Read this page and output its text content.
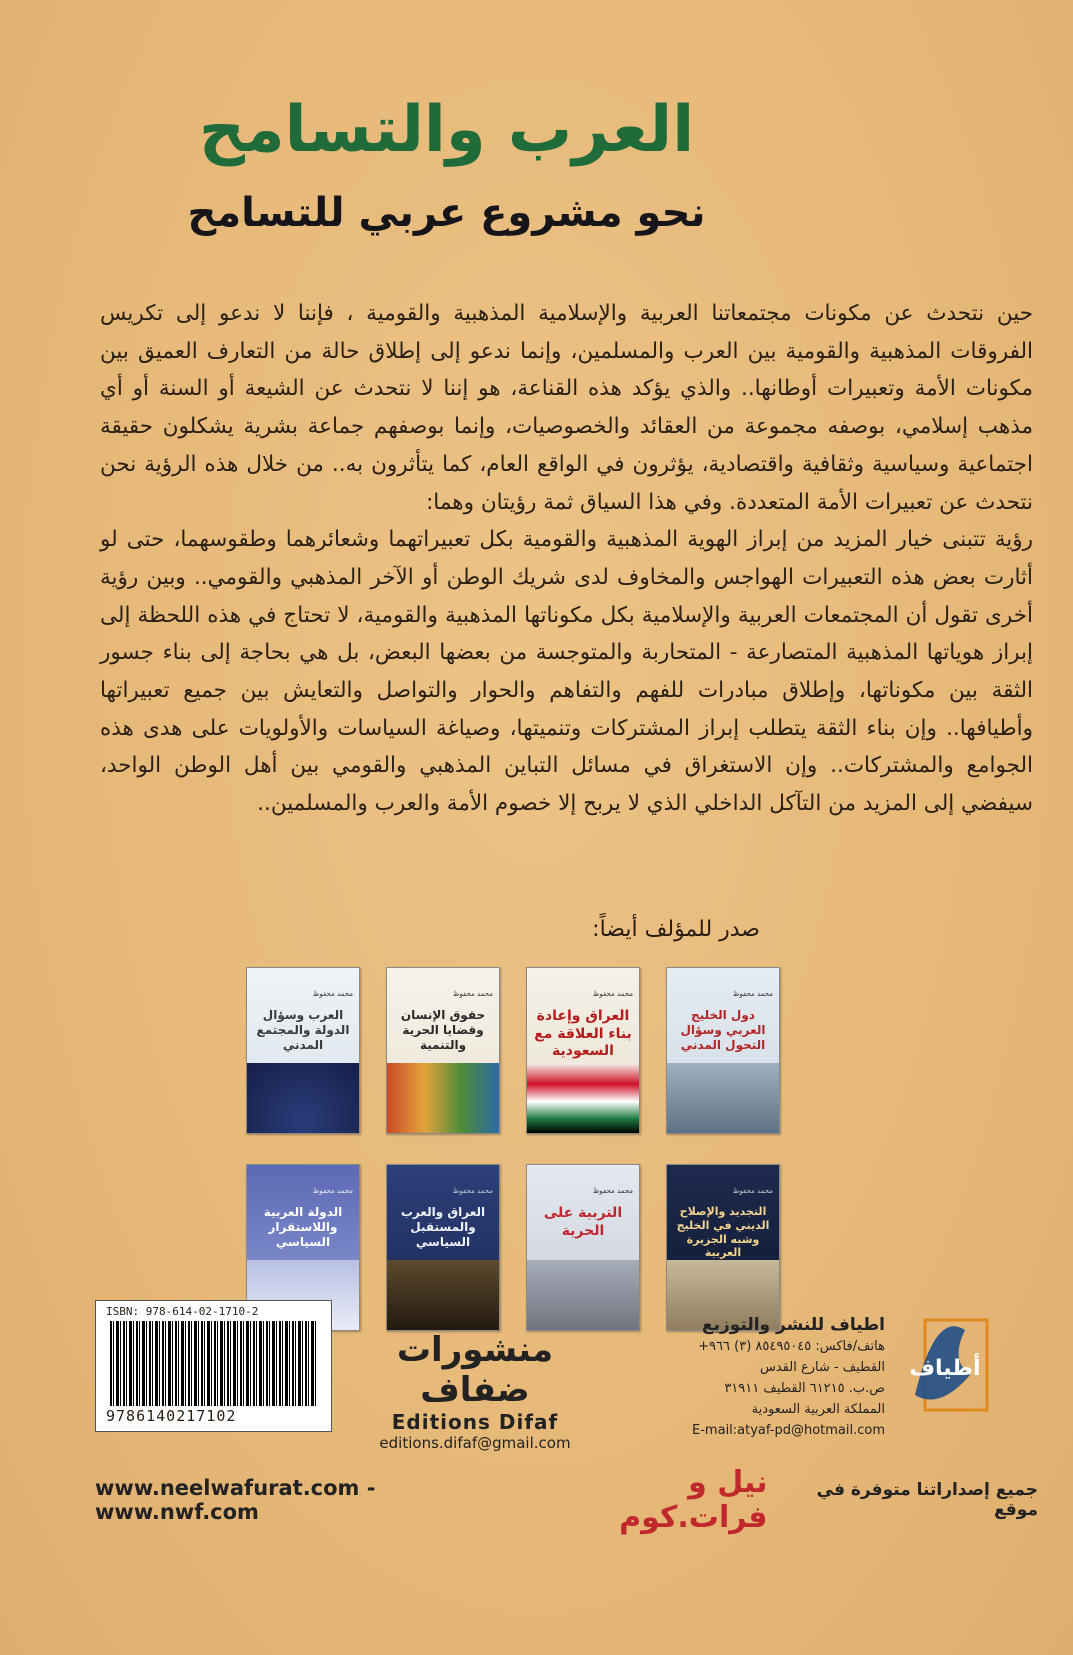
العرب والتسامح
نحو مشروع عربي للتسامح

حين نتحدث عن مكونات مجتمعاتنا العربية والإسلامية المذهبية والقومية ، فإننا لا ندعو إلى تكريس الفروقات المذهبية والقومية بين العرب والمسلمين، وإنما ندعو إلى إطلاق حالة من التعارف العميق بين مكونات الأمة وتعبيرات أوطانها.. والذي يؤكد هذه القناعة، هو إننا لا نتحدث عن الشيعة أو السنة أو أي مذهب إسلامي، بوصفه مجموعة من العقائد والخصوصيات، وإنما بوصفهم جماعة بشرية يشكلون حقيقة اجتماعية وسياسية وثقافية واقتصادية، يؤثرون في الواقع العام، كما يتأثرون به.. من خلال هذه الرؤية نحن نتحدث عن تعبيرات الأمة المتعددة. وفي هذا السياق ثمة رؤيتان وهما:

رؤية تتبنى خيار المزيد من إبراز الهوية المذهبية والقومية بكل تعبيراتهما وشعائرهما وطقوسهما، حتى لو أثارت بعض هذه التعبيرات الهواجس والمخاوف لدى شريك الوطن أو الآخر المذهبي والقومي.. وبين رؤية أخرى تقول أن المجتمعات العربية والإسلامية بكل مكوناتها المذهبية والقومية، لا تحتاج في هذه اللحظة إلى إبراز هوياتها المذهبية المتصارعة - المتحاربة والمتوجسة من بعضها البعض، بل هي بحاجة إلى بناء جسور الثقة بين مكوناتها، وإطلاق مبادرات للفهم والتفاهم والحوار والتواصل والتعايش بين جميع تعبيراتها وأطيافها.. وإن بناء الثقة يتطلب إبراز المشتركات وتنميتها، وصياغة السياسات والأولويات على هدى هذه الجوامع والمشتركات.. وإن الاستغراق في مسائل التباين المذهبي والقومي بين أهل الوطن الواحد، سيفضي إلى المزيد من التآكل الداخلي الذي لا يربح إلا خصوم الأمة والعرب والمسلمين..

صدر للمؤلف أيضاً:
محمد محفوظ
دول الخليج العربي وسؤال التحول المدني
محمد محفوظ
العراق وإعادة بناء العلاقة مع السعودية
محمد محفوظ
حقوق الإنسان وقضايا الحرية والتنمية
محمد محفوظ
العرب وسؤال الدولة والمجتمع المدني
محمد محفوظ
التجديد والإصلاح الديني في الخليج وشبه الجزيرة العربية
محمد محفوظ
التربية على الحرية
محمد محفوظ
العراق والعرب والمستقبل السياسي
محمد محفوظ
الدولة العربية واللاستقرار السياسي
ISBN: 978-614-02-1710-2
9786140217102
منشورات ضفاف
Editions Difaf
editions.difaf@gmail.com
اطياف للنشر والتوزيع
هاتف/فاكس: ٨٥٤٩٥٠٤٥ (٣) ٩٦٦+
القطيف - شارع القدس
ص.ب. ٦١٢١٥ القطيف ٣١٩١١
المملكة العربية السعودية
E-mail:atyaf-pd@hotmail.com
أطياف
جميع إصداراتنا متوفرة في موقع
نيل و فرات.كوم
www.neelwafurat.com - www.nwf.com
